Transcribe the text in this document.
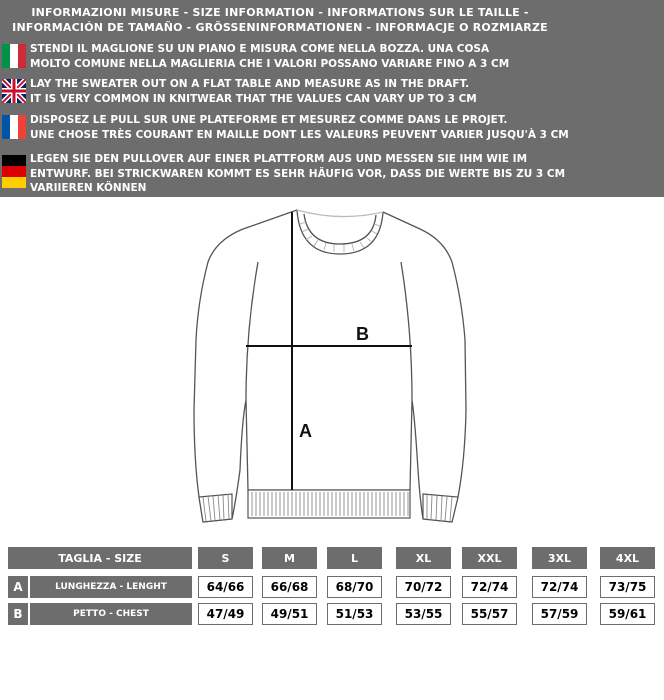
INFORMAZIONI MISURE - SIZE INFORMATION - INFORMATIONS SUR LE TAILLE -
INFORMACIÓN DE TAMAÑO - GRÖSSENINFORMATIONEN - INFORMACJE O ROZMIARZE
STENDI IL MAGLIONE SU UN PIANO E MISURA COME NELLA BOZZA. UNA COSA
MOLTO COMUNE NELLA MAGLIERIA CHE I VALORI POSSANO VARIARE FINO A 3 CM
LAY THE SWEATER OUT ON A FLAT TABLE AND MEASURE AS IN THE DRAFT.
IT IS VERY COMMON IN KNITWEAR THAT THE VALUES CAN VARY UP TO 3 CM
DISPOSEZ LE PULL SUR UNE PLATEFORME ET MESUREZ COMME DANS LE PROJET.
UNE CHOSE TRÈS COURANT EN MAILLE DONT LES VALEURS PEUVENT VARIER JUSQU'À 3 CM
LEGEN SIE DEN PULLOVER AUF EINER PLATTFORM AUS UND MESSEN SIE IHM WIE IM
ENTWURF. BEI STRICKWAREN KOMMT ES SEHR HÄUFIG VOR, DASS DIE WERTE BIS ZU 3 CM
VARIIEREN KÖNNEN
A
B
TAGLIA - SIZE	S	M	L	XL	XXL	3XL	4XL
A	LUNGHEZZA - LENGHT	64/66	66/68	68/70	70/72	72/74	72/74	73/75
B	PETTO - CHEST	47/49	49/51	51/53	53/55	55/57	57/59	59/61
